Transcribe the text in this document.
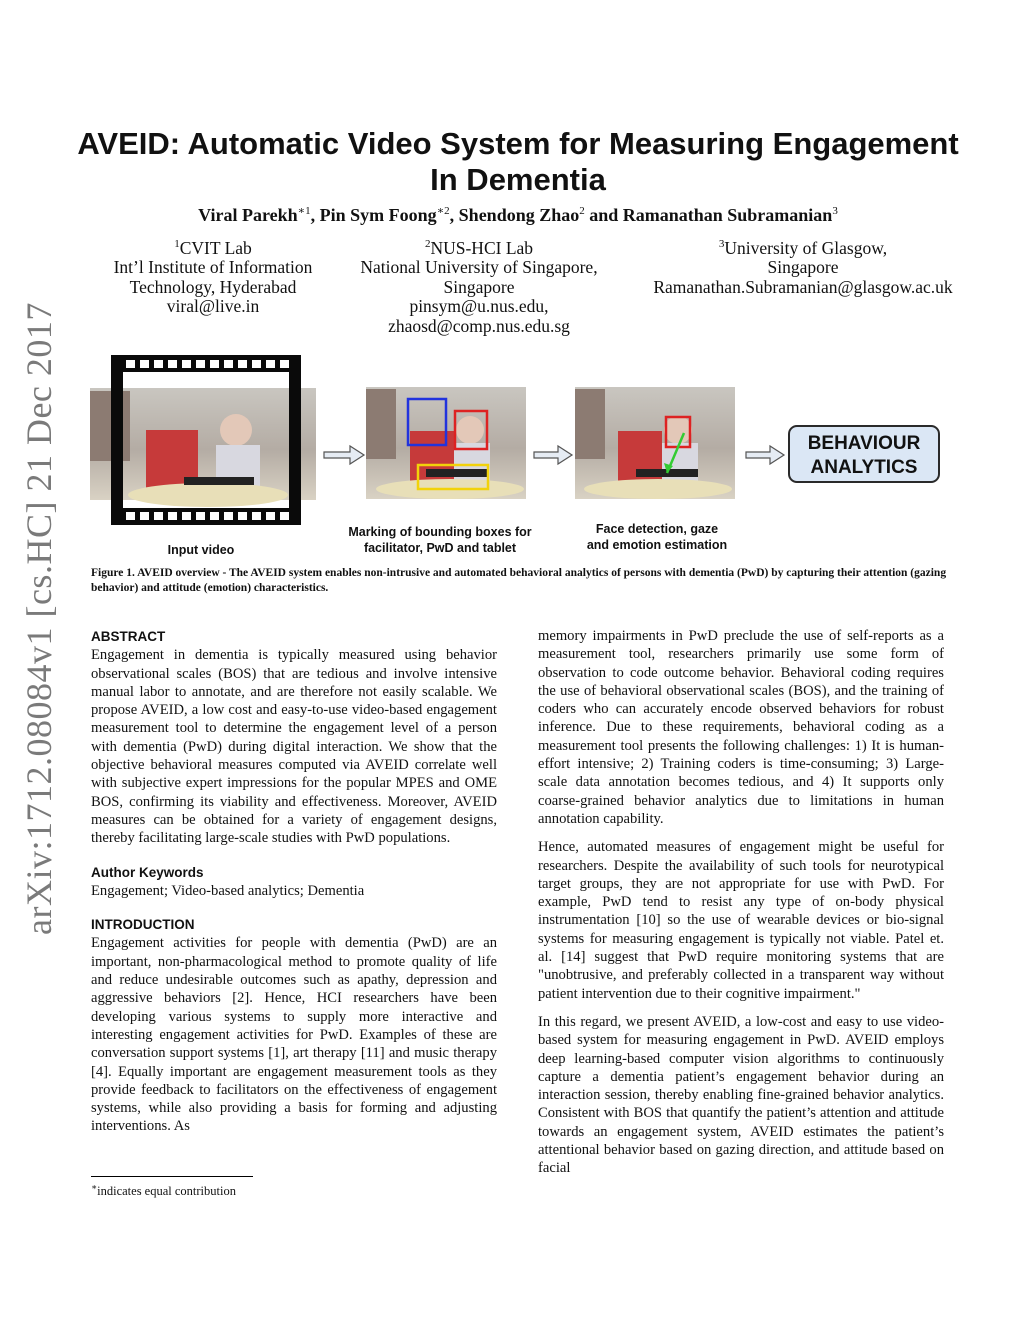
arXiv:1712.08084v1 [cs.HC] 21 Dec 2017
AVEID: Automatic Video System for Measuring Engagement
In Dementia
Viral Parekh$^{∗1}$, Pin Sym Foong$^{∗2}$, Shendong Zhao$^2$ and Ramanathan Subramanian$^3$
$^1$CVIT Lab
Int’l Institute of Information
Technology, Hyderabad
viral@live.in
$^2$NUS-HCI Lab
National University of Singapore,
Singapore
pinsym@u.nus.edu,
zhaosd@comp.nus.edu.sg
$^3$University of Glasgow,
Singapore
Ramanathan.Subramanian@glasgow.ac.uk
BEHAVIOUR
ANALYTICS
Input video
Marking of bounding boxes for
facilitator, PwD and tablet
Face detection, gaze
and emotion estimation
Figure 1. AVEID overview - The AVEID system enables non-intrusive and automated behavioral analytics of persons with dementia (PwD) by capturing their attention (gazing behavior) and attitude (emotion) characteristics.
ABSTRACT

Engagement in dementia is typically measured using behavior observational scales (BOS) that are tedious and involve intensive manual labor to annotate, and are therefore not easily scalable. We propose AVEID, a low cost and easy-to-use video-based engagement measurement tool to determine the engagement level of a person with dementia (PwD) during digital interaction. We show that the objective behavioral measures computed via AVEID correlate well with subjective expert impressions for the popular MPES and OME BOS, confirming its viability and effectiveness. Moreover, AVEID measures can be obtained for a variety of engagement designs, thereby facilitating large-scale studies with PwD populations.

Author Keywords

Engagement; Video-based analytics; Dementia

INTRODUCTION

Engagement activities for people with dementia (PwD) are an important, non-pharmacological method to promote quality of life and reduce undesirable outcomes such as apathy, depression and aggressive behaviors [2]. Hence, HCI researchers have been developing various systems to supply more interactive and interesting engagement activities for PwD. Examples of these are conversation support systems [1], art therapy [11] and music therapy [4]. Equally important are engagement measurement tools as they provide feedback to facilitators on the effectiveness of engagement systems, while also providing a basis for forming and adjusting interventions. As

∗indicates equal contribution

memory impairments in PwD preclude the use of self-reports as a measurement tool, researchers primarily use some form of observation to code outcome behavior. Behavioral coding requires the use of behavioral observational scales (BOS), and the training of coders who can accurately encode observed behaviors for robust inference. Due to these requirements, behavioral coding as a measurement tool presents the following challenges: 1) It is human-effort intensive; 2) Training coders is time-consuming; 3) Large-scale data annotation becomes tedious, and 4) It supports only coarse-grained behavior analytics due to limitations in human annotation capability.

Hence, automated measures of engagement might be useful for researchers. Despite the availability of such tools for neurotypical target groups, they are not appropriate for use with PwD. For example, PwD tend to resist any type of on-body physical instrumentation [10] so the use of wearable devices or bio-signal systems for measuring engagement is typically not viable. Patel et. al. [14] suggest that PwD require monitoring systems that are "unobtrusive, and preferably collected in a transparent way without patient intervention due to their cognitive impairment."

In this regard, we present AVEID, a low-cost and easy to use video-based system for measuring engagement in PwD. AVEID employs deep learning-based computer vision algorithms to continuously capture a dementia patient’s engagement behavior during an interaction session, thereby enabling fine-grained behavior analytics. Consistent with BOS that quantify the patient’s attention and attitude towards an engagement system, AVEID estimates the patient’s attentional behavior based on gazing direction, and attitude based on facial
